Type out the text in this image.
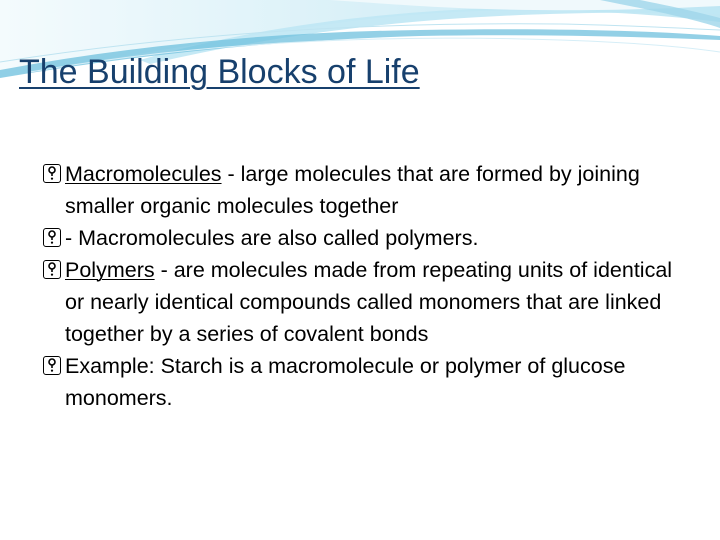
The Building Blocks of Life
Macromolecules - large molecules that are formed by joining smaller organic molecules together
- Macromolecules are also called polymers.
Polymers - are molecules made from repeating units of identical or nearly identical compounds called monomers that are linked together by a series of covalent bonds
Example: Starch is a macromolecule or polymer of glucose monomers.
